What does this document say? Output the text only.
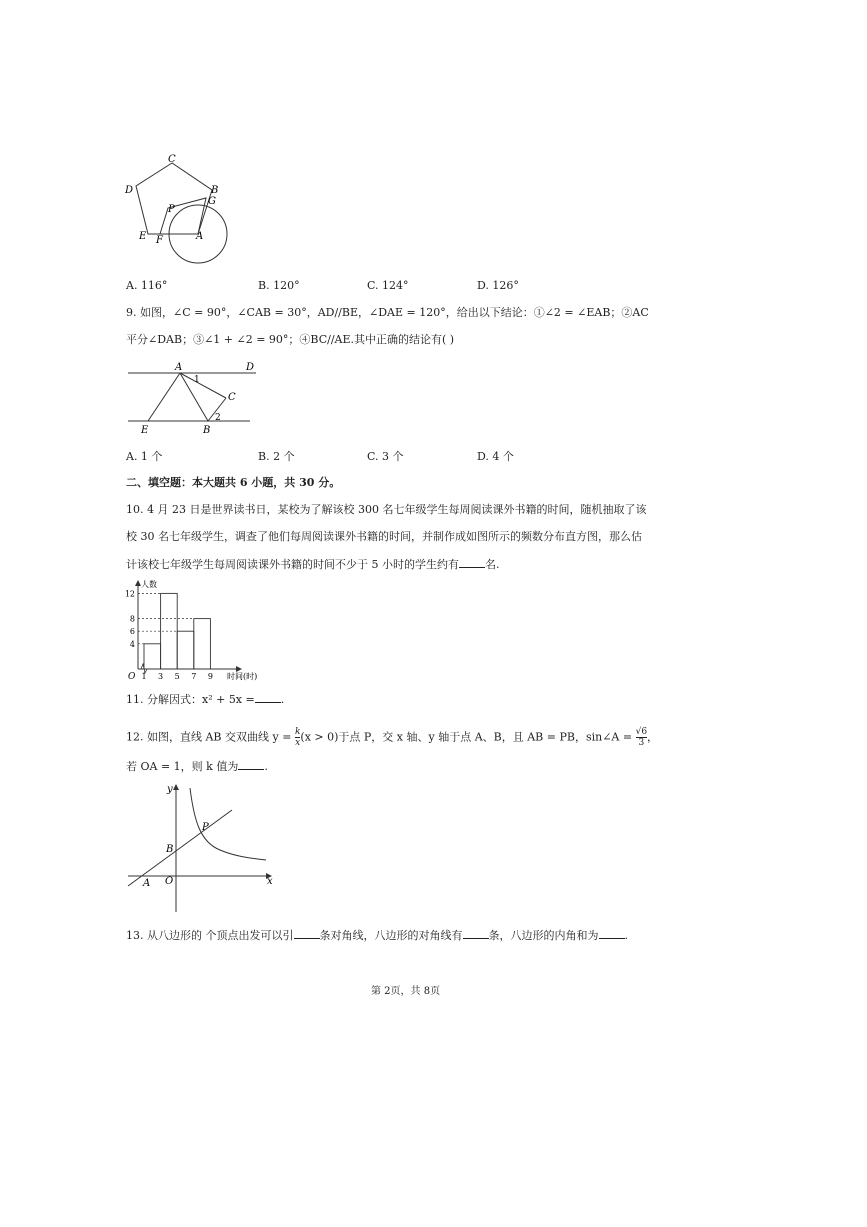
C
D	B
G
P
E F	A
A. 116°	B. 120°	C. 124°	D. 126°
9. 如图，∠C = 90°，∠CAB = 30°，AD//BE，∠DAE = 120°，给出以下结论：①∠2 = ∠EAB；②AC
平分∠DAB；③∠1 + ∠2 = 90°；④BC//AE.其中正确的结论有( )
A	D
1
C
2
E	B
A. 1 个	B. 2 个	C. 3 个	D. 4 个
二、填空题：本大题共 6 小题，共 30 分。
10. 4 月 23 日是世界读书日，某校为了解该校 300 名七年级学生每周阅读课外书籍的时间，随机抽取了该
校 30 名七年级学生，调查了他们每周阅读课外书籍的时间，并制作成如图所示的频数分布直方图，那么估
计该校七年级学生每周阅读课外书籍的时间不少于 5 小时的学生约有 名.
人数
时间(时)
O
4
6
8
12
1 3 5 7 9
11. 分解因式：x² + 5x = .
12. 如图，直线 AB 交双曲线 $y = \frac{k}{x} (x > 0)$于点 P，交 x 轴、y 轴于点 A、B，且 AB = PB，sin∠A = $\frac{√6}{3}$ ，
若 OA = 1，则 k 值为 .
y
P
B
A O	x
13. 从八边形的 个顶点出发可以引 条对角线，八边形的对角线有 条，八边形的内角和为 .
第 2页，共 8页
